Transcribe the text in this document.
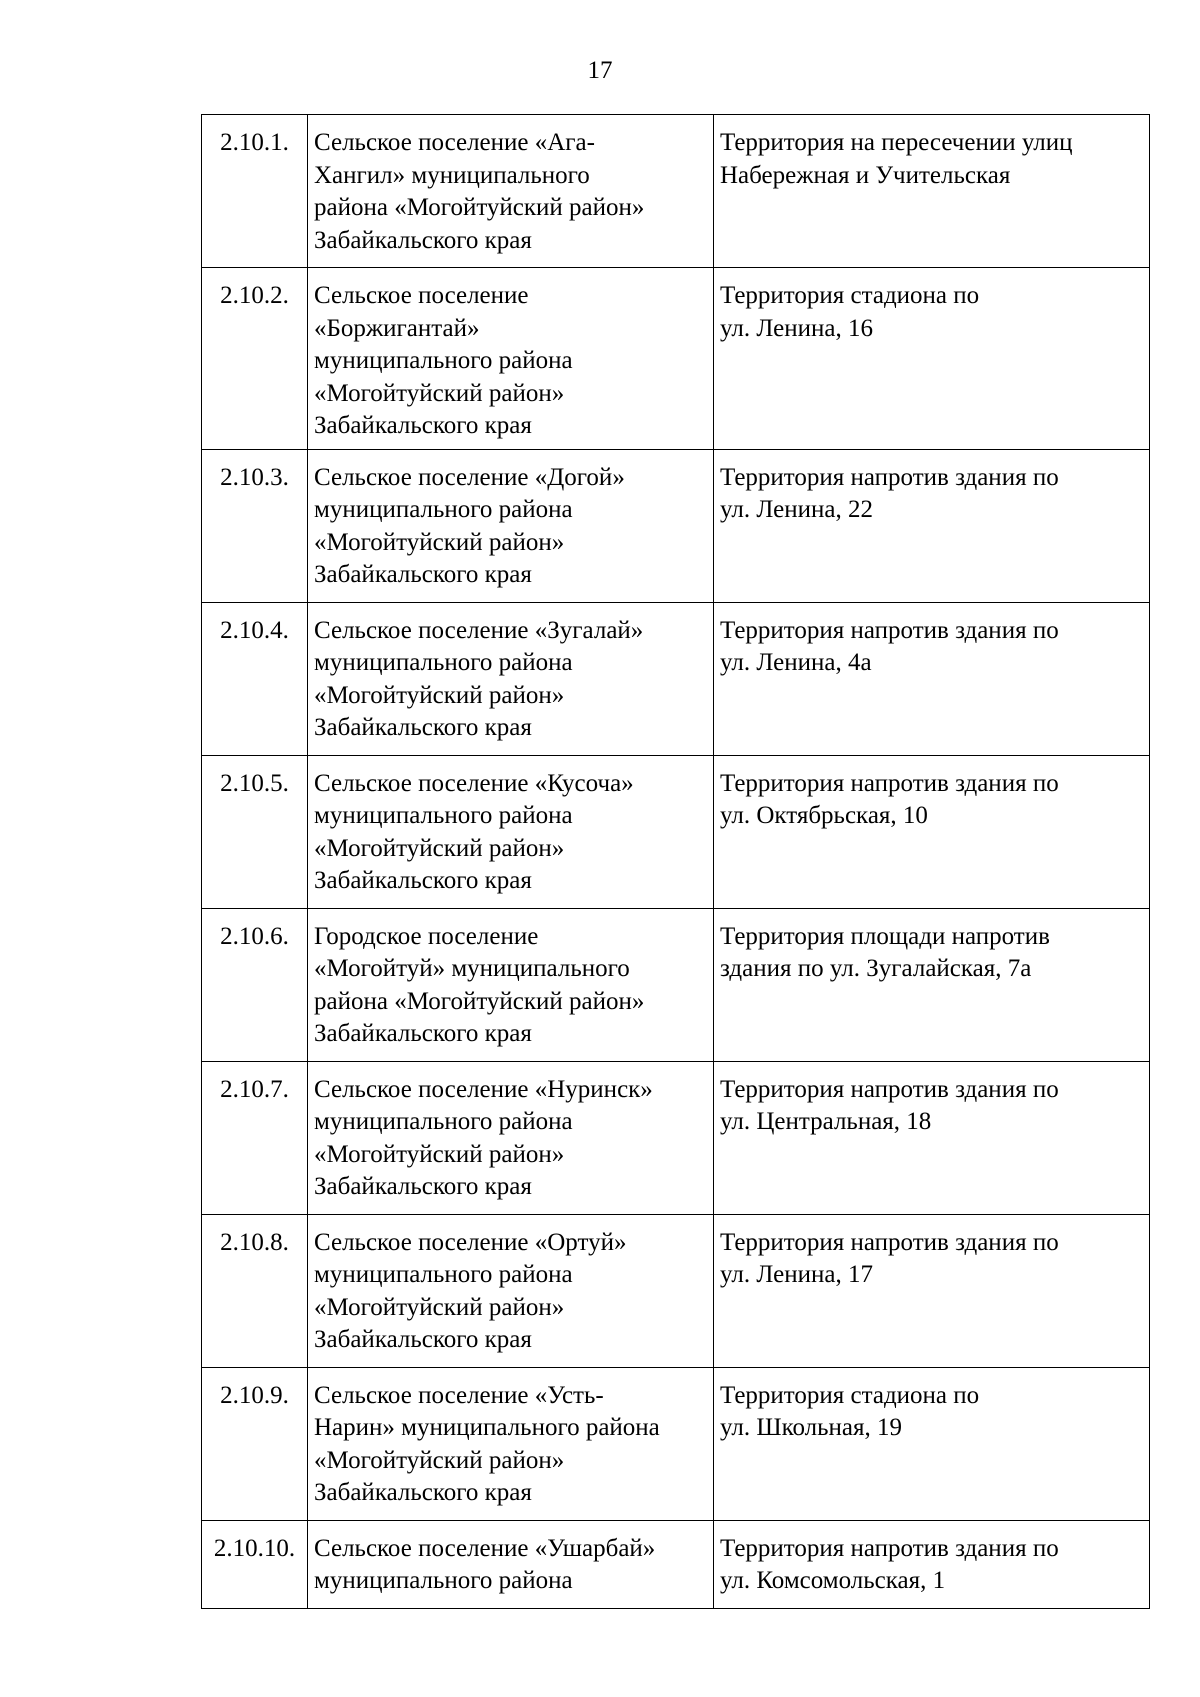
17
2.10.1.	Сельское поселение «Ага-
Хангил» муниципального
района «Могойтуйский район»
Забайкальского края	Территория на пересечении улиц
Набережная и Учительская

2.10.2.	Сельское поселение
«Боржигантай»
муниципального района
«Могойтуйский район»
Забайкальского края	Территория стадиона по
ул. Ленина, 16

2.10.3.	Сельское поселение «Догой»
муниципального района
«Могойтуйский район»
Забайкальского края	Территория напротив здания по
ул. Ленина, 22

2.10.4.	Сельское поселение «Зугалай»
муниципального района
«Могойтуйский район»
Забайкальского края	Территория напротив здания по
ул. Ленина, 4а

2.10.5.	Сельское поселение «Кусоча»
муниципального района
«Могойтуйский район»
Забайкальского края	Территория напротив здания по
ул. Октябрьская, 10

2.10.6.	Городское поселение
«Могойтуй» муниципального
района «Могойтуйский район»
Забайкальского края	Территория площади напротив
здания по ул. Зугалайская, 7а

2.10.7.	Сельское поселение «Нуринск»
муниципального района
«Могойтуйский район»
Забайкальского края	Территория напротив здания по
ул. Центральная, 18

2.10.8.	Сельское поселение «Ортуй»
муниципального района
«Могойтуйский район»
Забайкальского края	Территория напротив здания по
ул. Ленина, 17

2.10.9.	Сельское поселение «Усть-
Нарин» муниципального района
«Могойтуйский район»
Забайкальского края	Территория стадиона по
ул. Школьная, 19

2.10.10.	Сельское поселение «Ушарбай»
муниципального района	Территория напротив здания по
ул. Комсомольская, 1
